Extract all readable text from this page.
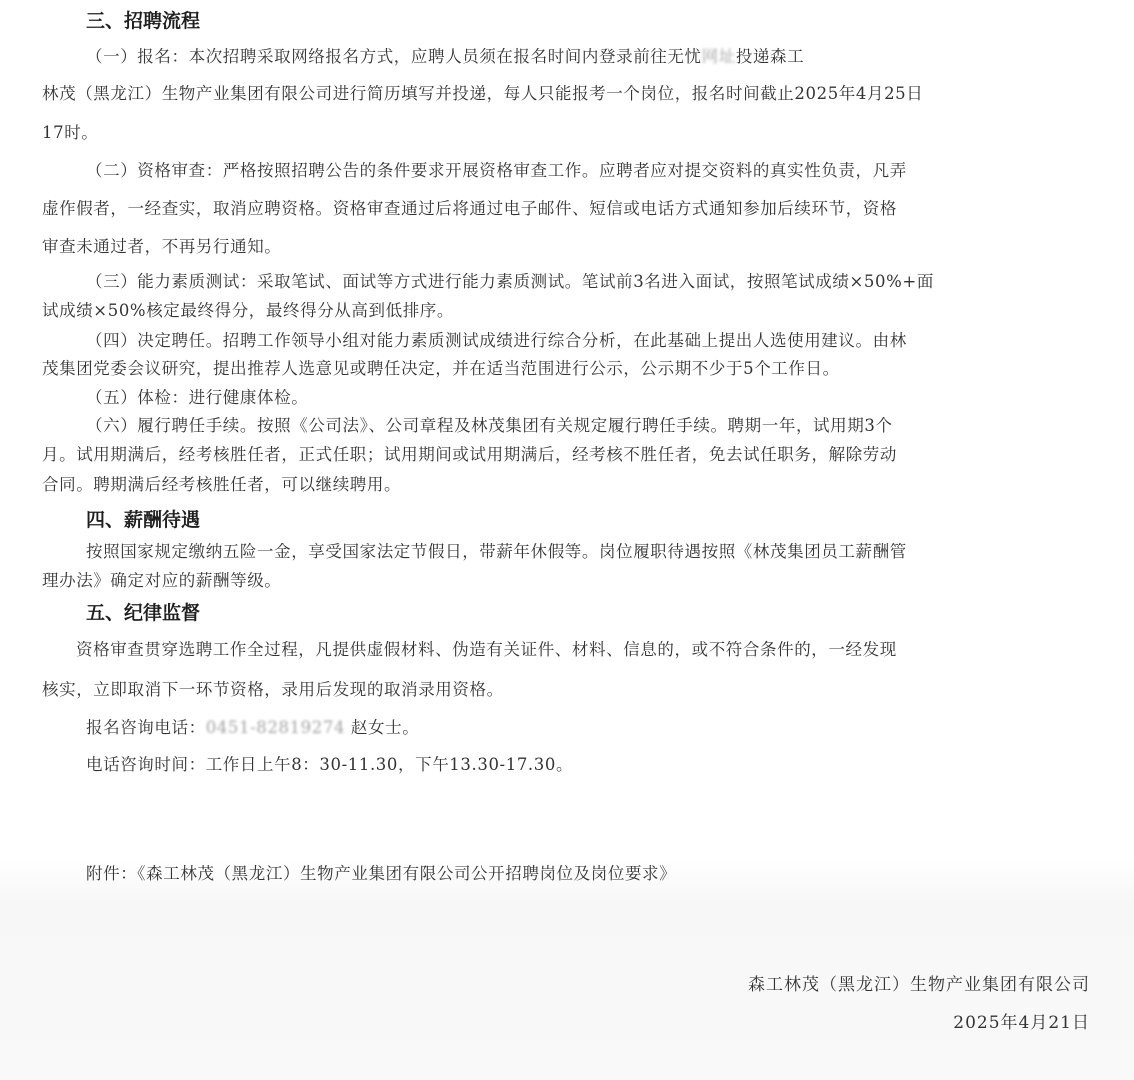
三、招聘流程
（一）报名：本次招聘采取网络报名方式，应聘人员须在报名时间内登录前往无忧网址投递森工
林茂（黑龙江）生物产业集团有限公司进行简历填写并投递，每人只能报考一个岗位，报名时间截止2025年4月25日
17时。
（二）资格审查：严格按照招聘公告的条件要求开展资格审查工作。应聘者应对提交资料的真实性负责，凡弄
虚作假者，一经查实，取消应聘资格。资格审查通过后将通过电子邮件、短信或电话方式通知参加后续环节，资格
审查未通过者，不再另行通知。
（三）能力素质测试：采取笔试、面试等方式进行能力素质测试。笔试前3名进入面试，按照笔试成绩×50%+面
试成绩×50%核定最终得分，最终得分从高到低排序。
（四）决定聘任。招聘工作领导小组对能力素质测试成绩进行综合分析，在此基础上提出人选使用建议。由林
茂集团党委会议研究，提出推荐人选意见或聘任决定，并在适当范围进行公示，公示期不少于5个工作日。
（五）体检：进行健康体检。
（六）履行聘任手续。按照《公司法》、公司章程及林茂集团有关规定履行聘任手续。聘期一年，试用期3个
月。试用期满后，经考核胜任者，正式任职；试用期间或试用期满后，经考核不胜任者，免去试任职务，解除劳动
合同。聘期满后经考核胜任者，可以继续聘用。
四、薪酬待遇
按照国家规定缴纳五险一金，享受国家法定节假日，带薪年休假等。岗位履职待遇按照《林茂集团员工薪酬管
理办法》确定对应的薪酬等级。
五、纪律监督
资格审查贯穿选聘工作全过程，凡提供虚假材料、伪造有关证件、材料、信息的，或不符合条件的，一经发现
核实，立即取消下一环节资格，录用后发现的取消录用资格。
报名咨询电话：0451-82819274 赵女士。
电话咨询时间：工作日上午8：30-11.30，下午13.30-17.30。
附件：《森工林茂（黑龙江）生物产业集团有限公司公开招聘岗位及岗位要求》
森工林茂（黑龙江）生物产业集团有限公司
2025年4月21日
